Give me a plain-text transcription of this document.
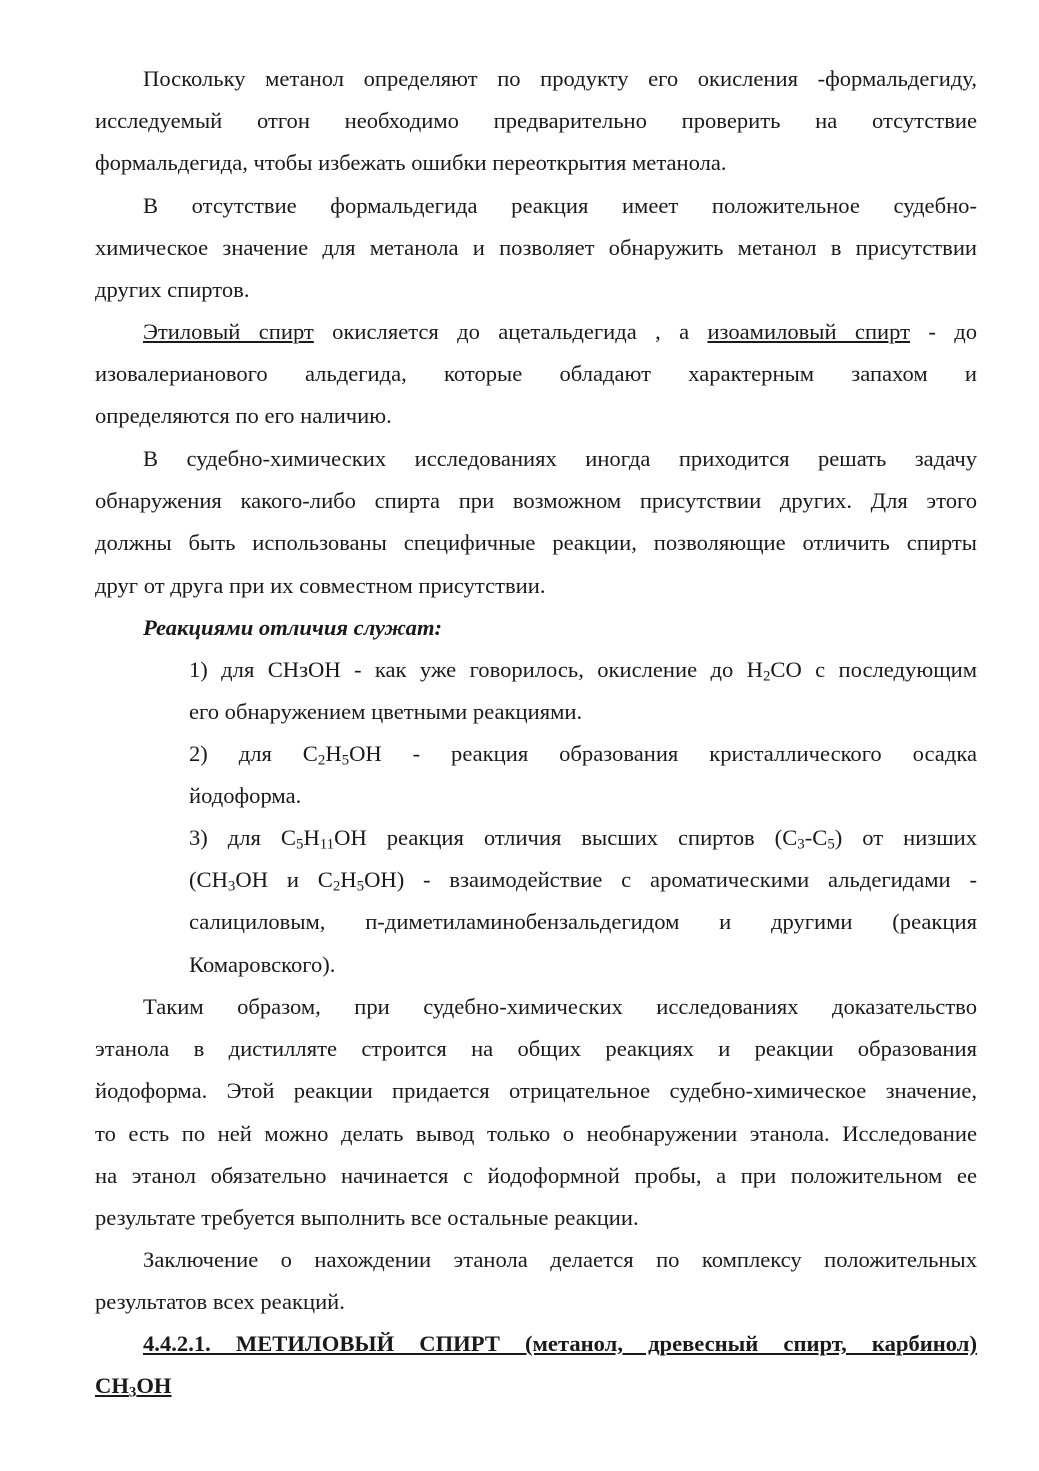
Поскольку метанол определяют по продукту его окисления -формальдегиду,
исследуемый отгон необходимо предварительно проверить на отсутствие
формальдегида, чтобы избежать ошибки переоткрытия метанола.
В отсутствие формальдегида реакция имеет положительное судебно-
химическое значение для метанола и позволяет обнаружить метанол в присутствии
других спиртов.
Этиловый спирт окисляется до ацетальдегида , а изоамиловый спирт - до
изовалерианового альдегида, которые обладают характерным запахом и
определяются по его наличию.
В судебно-химических исследованиях иногда приходится решать задачу
обнаружения какого-либо спирта при возможном присутствии других. Для этого
должны быть использованы специфичные реакции, позволяющие отличить спирты
друг от друга при их совместном присутствии.
Реакциями отличия служат:
1) для СНзОН - как уже говорилось, окисление до $Н_2СО$ с последующим
его обнаружением цветными реакциями.
2) для $С_2Н_5ОН$ - реакция образования кристаллического осадка
йодоформа.
3) для $С_5Н_{11}ОН$ реакция отличия высших спиртов $(С_3-С_5)$ от низших
($СН_3ОН$ и $С_2Н_5ОН$) - взаимодействие с ароматическими альдегидами -
салициловым, п-диметиламинобензальдегидом и другими (реакция
Комаровского).
Таким образом, при судебно-химических исследованиях доказательство
этанола в дистилляте строится на общих реакциях и реакции образования
йодоформа. Этой реакции придается отрицательное судебно-химическое значение,
то есть по ней можно делать вывод только о необнаружении этанола. Исследование
на этанол обязательно начинается с йодоформной пробы, а при положительном ее
результате требуется выполнить все остальные реакции.
Заключение о нахождении этанола делается по комплексу положительных
результатов всех реакций.
4.4.2.1. МЕТИЛОВЫЙ СПИРТ (метанол, древесный спирт, карбинол)
$СН_3ОН$
